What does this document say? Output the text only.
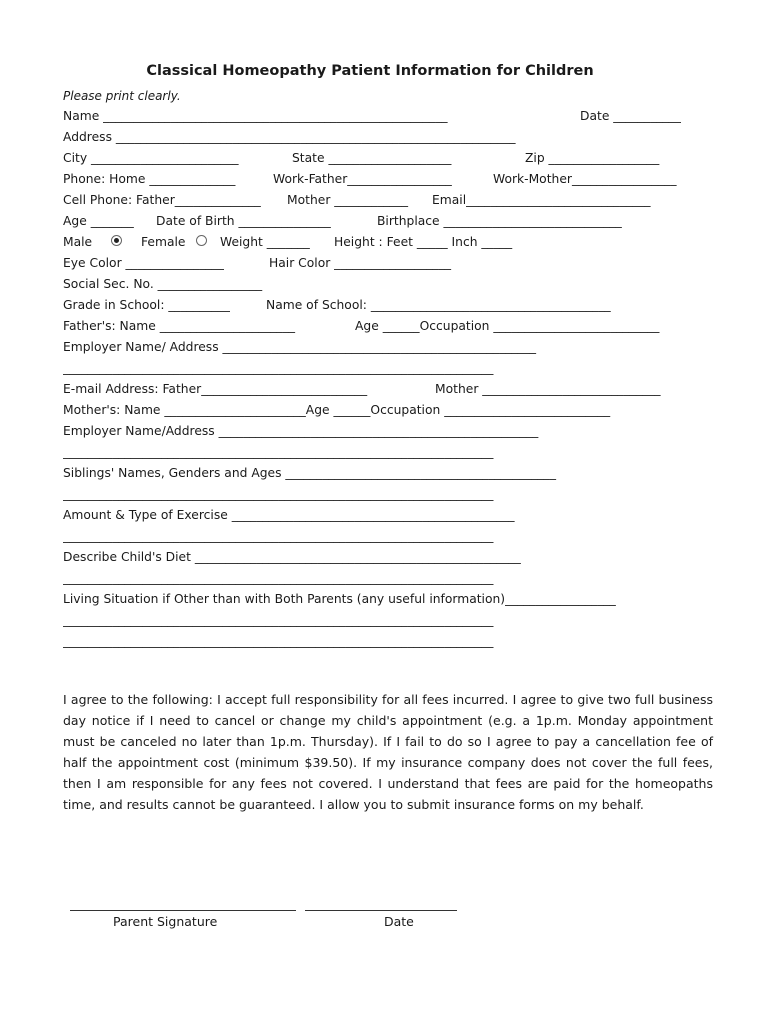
Classical Homeopathy Patient Information for Children
Please print clearly.
Name ________________________________________________________	Date ___________
Address _________________________________________________________________
City ________________________	State ____________________	Zip __________________
Phone: Home ______________	Work-Father_________________	Work-Mother_________________
Cell Phone: Father______________ Mother ____________ Email______________________________
Age _______ Date of Birth _______________	Birthplace _____________________________
Male	Female	Weight _______ Height : Feet _____ Inch _____
Eye Color ________________	Hair Color ___________________
Social Sec. No. _________________
Grade in School: __________	Name of School: _______________________________________
Father's: Name ______________________	Age ______Occupation ___________________________
Employer Name/ Address ___________________________________________________
______________________________________________________________________
E-mail Address: Father___________________________	Mother _____________________________
Mother's: Name _______________________Age ______Occupation ___________________________
Employer Name/Address ____________________________________________________
______________________________________________________________________
Siblings' Names, Genders and Ages ____________________________________________
______________________________________________________________________
Amount & Type of Exercise ______________________________________________
______________________________________________________________________
Describe Child's Diet _____________________________________________________
______________________________________________________________________
Living Situation if Other than with Both Parents (any useful information)__________________
______________________________________________________________________
______________________________________________________________________
I agree to the following: I accept full responsibility for all fees incurred. I agree to give two full business day notice if I need to cancel or change my child's appointment (e.g. a 1p.m. Monday appointment must be canceled no later than 1p.m. Thursday). If I fail to do so I agree to pay a cancellation fee of half the appointment cost (minimum $39.50). If my insurance company does not cover the full fees, then I am responsible for any fees not covered. I understand that fees are paid for the homeopaths time, and results cannot be guaranteed. I allow you to submit insurance forms on my behalf.
Parent Signature	Date
